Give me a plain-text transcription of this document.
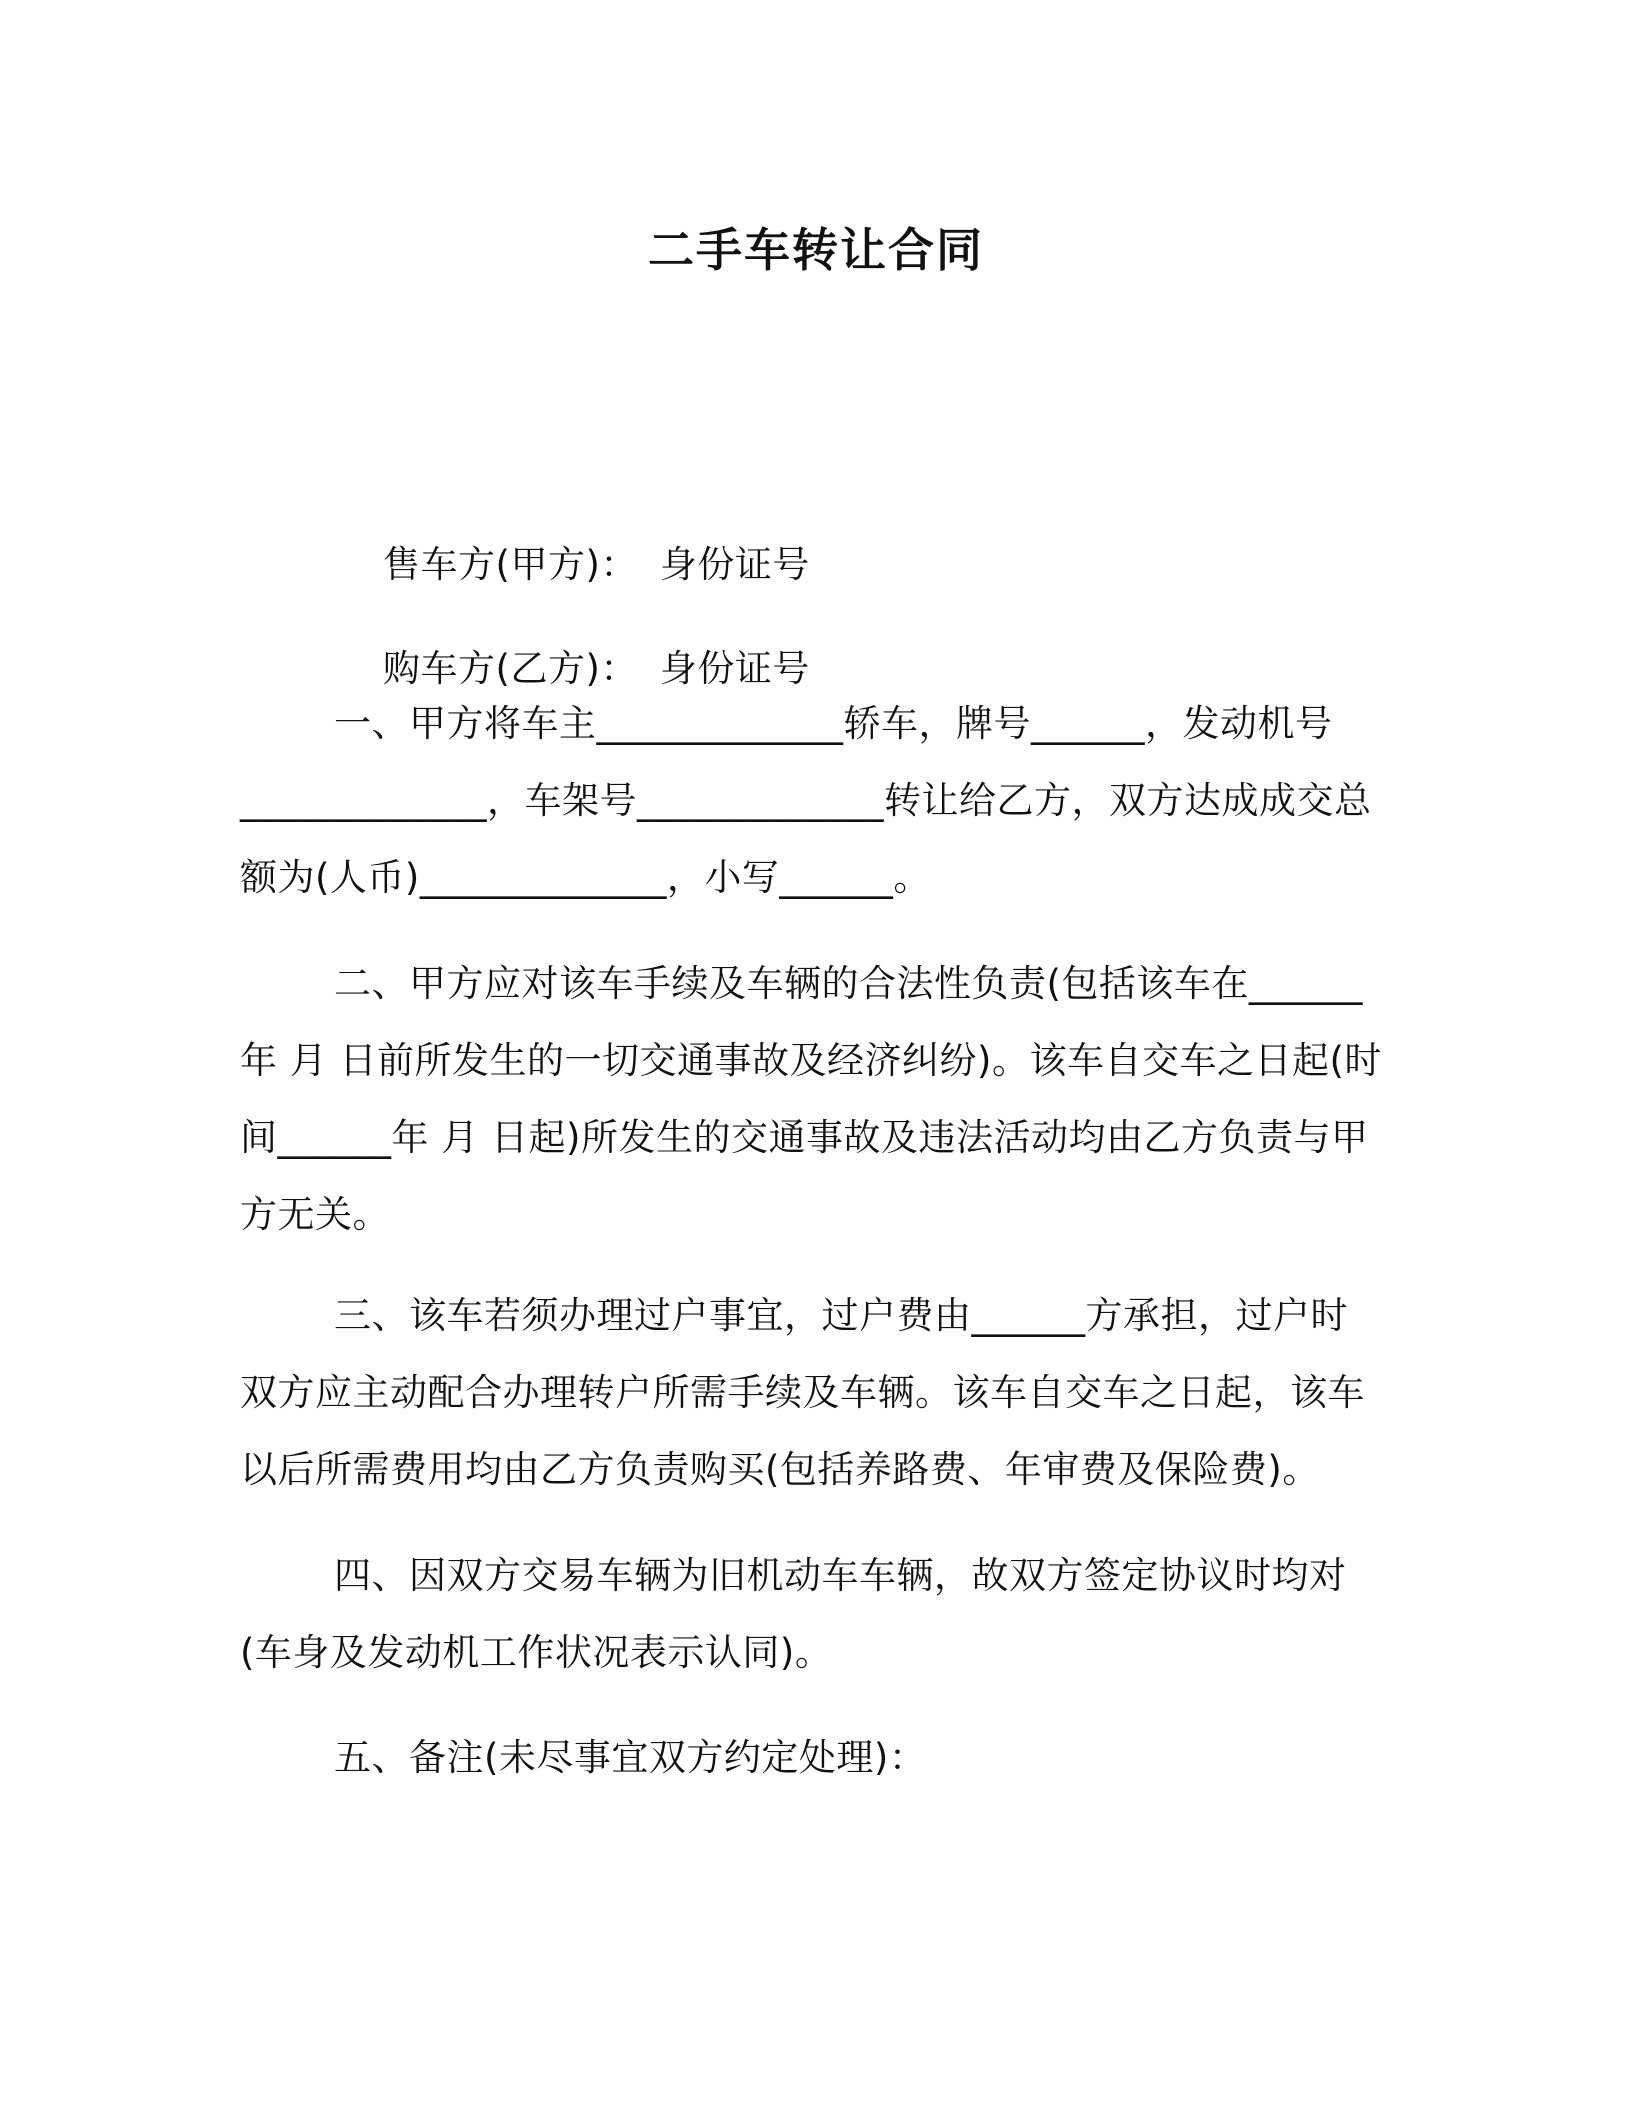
二手车转让合同

售车方(甲方)： 身份证号

购车方(乙方)： 身份证号

一、甲方将车主_____________轿车，牌号______，发动机号
_____________，车架号_____________转让给乙方，双方达成成交总
额为(人币)_____________，小写______。
二、甲方应对该车手续及车辆的合法性负责(包括该车在______
年 月 日前所发生的一切交通事故及经济纠纷)。该车自交车之日起(时
间______年 月 日起)所发生的交通事故及违法活动均由乙方负责与甲
方无关。
三、该车若须办理过户事宜，过户费由______方承担，过户时
双方应主动配合办理转户所需手续及车辆。该车自交车之日起，该车
以后所需费用均由乙方负责购买(包括养路费、年审费及保险费)。
四、因双方交易车辆为旧机动车车辆，故双方签定协议时均对
(车身及发动机工作状况表示认同)。
五、备注(未尽事宜双方约定处理)：
